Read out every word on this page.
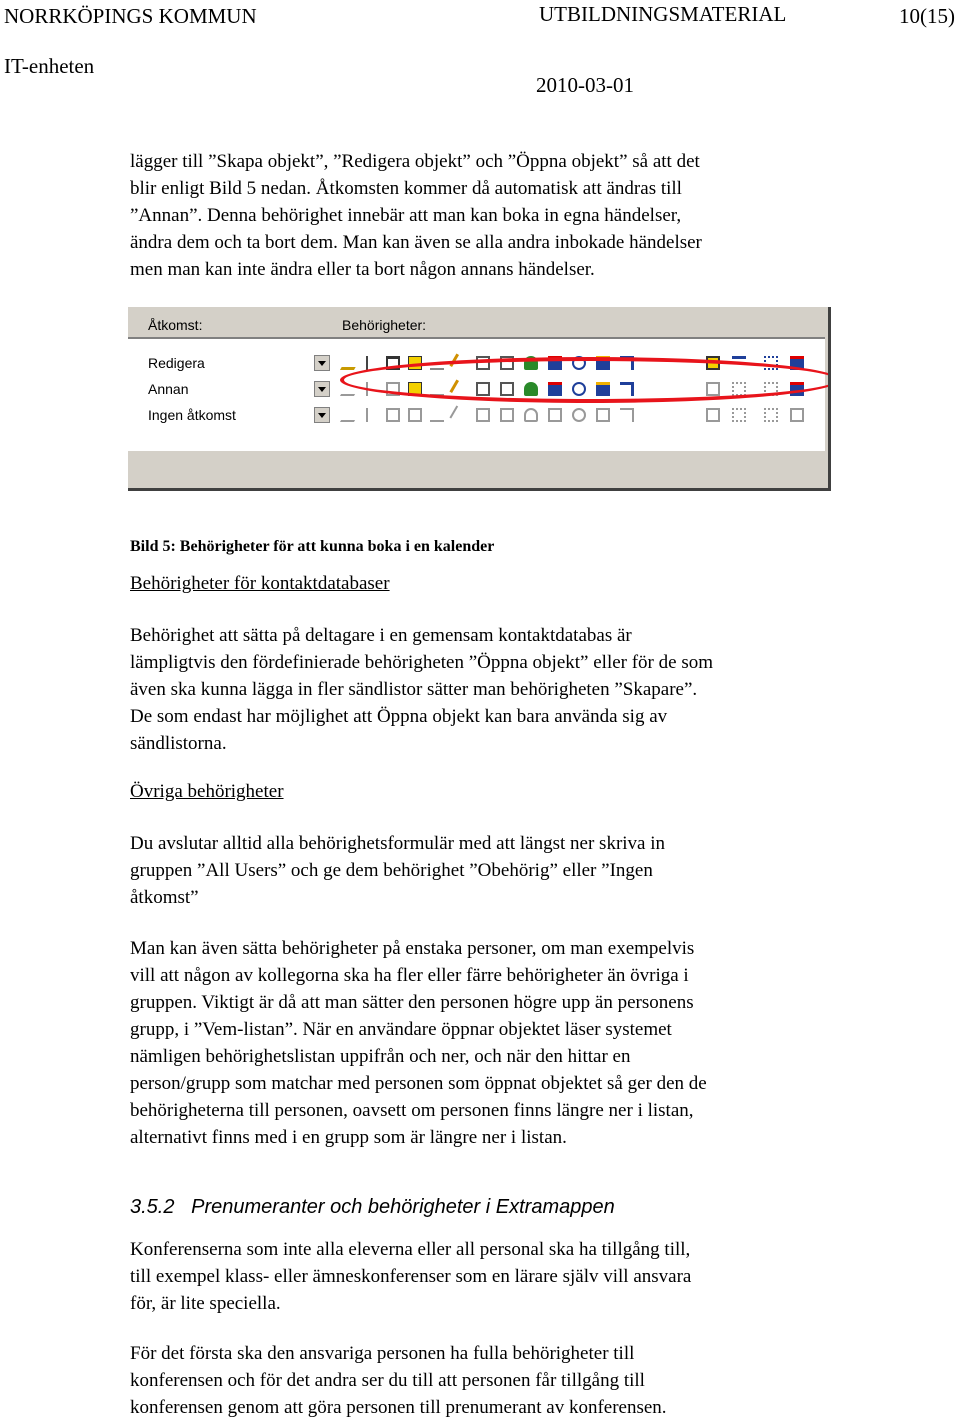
NORRKÖPINGS KOMMUN	UTBILDNINGSMATERIAL	10(15)
IT-enheten
2010-03-01
lägger till ”Skapa objekt”, ”Redigera objekt” och ”Öppna objekt” så att det
blir enligt Bild 5 nedan. Åtkomsten kommer då automatisk att ändras till
”Annan”. Denna behörighet innebär att man kan boka in egna händelser,
ändra dem och ta bort dem. Man kan även se alla andra inbokade händelser
men man kan inte ändra eller ta bort någon annans händelser.
Åtkomst:	Behörigheter:
Redigera
Annan
Ingen åtkomst
Bild 5: Behörigheter för att kunna boka i en kalender
Behörigheter för kontaktdatabaser
Behörighet att sätta på deltagare i en gemensam kontaktdatabas är
lämpligtvis den fördefinierade behörigheten ”Öppna objekt” eller för de som
även ska kunna lägga in fler sändlistor sätter man behörigheten ”Skapare”.
De som endast har möjlighet att Öppna objekt kan bara använda sig av
sändlistorna.
Övriga behörigheter
Du avslutar alltid alla behörighetsformulär med att längst ner skriva in
gruppen ”All Users” och ge dem behörighet ”Obehörig” eller ”Ingen
åtkomst”
Man kan även sätta behörigheter på enstaka personer, om man exempelvis
vill att någon av kollegorna ska ha fler eller färre behörigheter än övriga i
gruppen. Viktigt är då att man sätter den personen högre upp än personens
grupp, i ”Vem-listan”. När en användare öppnar objektet läser systemet
nämligen behörighetslistan uppifrån och ner, och när den hittar en
person/grupp som matchar med personen som öppnat objektet så ger den de
behörigheterna till personen, oavsett om personen finns längre ner i listan,
alternativt finns med i en grupp som är längre ner i listan.
3.5.2 Prenumeranter och behörigheter i Extramappen
Konferenserna som inte alla eleverna eller all personal ska ha tillgång till,
till exempel klass- eller ämneskonferenser som en lärare själv vill ansvara
för, är lite speciella.
För det första ska den ansvariga personen ha fulla behörigheter till
konferensen och för det andra ser du till att personen får tillgång till
konferensen genom att göra personen till prenumerant av konferensen.
